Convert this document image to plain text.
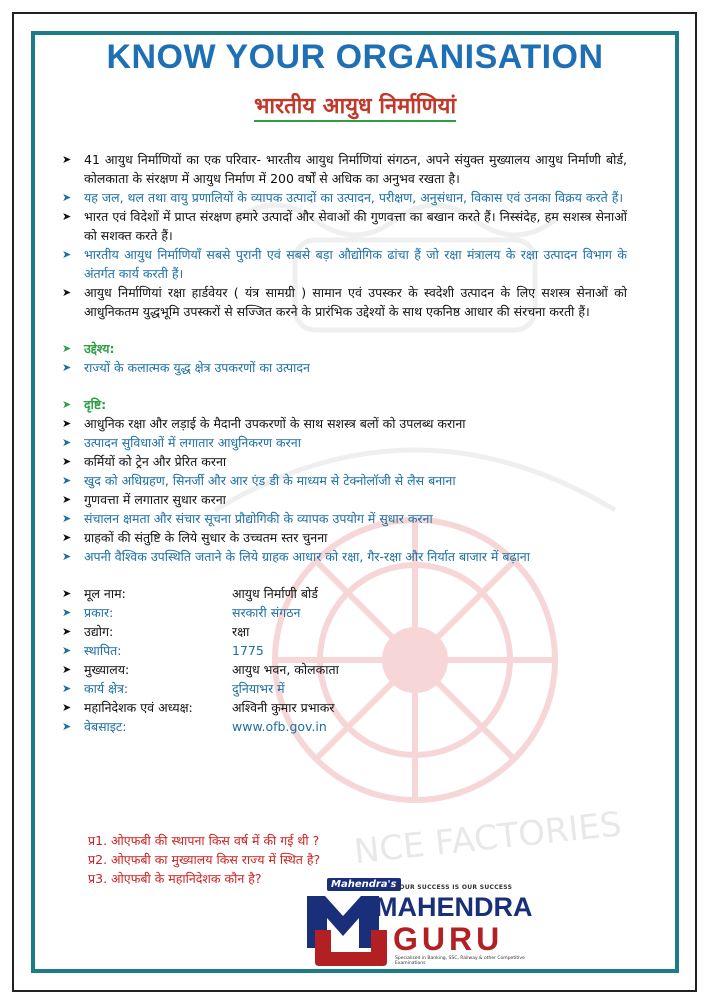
NCE FACTORIES
KNOW YOUR ORGANISATION
भारतीय आयुध निर्माणियां
➤	41 आयुध निर्माणियों का एक परिवार- भारतीय आयुध निर्माणियां संगठन, अपने संयुक्त मुख्यालय आयुध निर्माणी बोर्ड, कोलकाता के संरक्षण में आयुध निर्माण में 200 वर्षों से अधिक का अनुभव रखता है।
➤	यह जल, थल तथा वायु प्रणालियों के व्यापक उत्पादों का उत्पादन, परीक्षण, अनुसंधान, विकास एवं उनका विक्रय करते हैं।
➤	भारत एवं विदेशों में प्राप्त संरक्षण हमारे उत्पादों और सेवाओं की गुणवत्ता का बखान करते हैं। निस्संदेह, हम सशस्त्र सेनाओं को सशक्त करते हैं।
➤	भारतीय आयुध निर्माणियाँ सबसे पुरानी एवं सबसे बड़ा औद्योगिक ढांचा हैं जो रक्षा मंत्रालय के रक्षा उत्पादन विभाग के अंतर्गत कार्य करती हैं।
➤	आयुध निर्माणियां रक्षा हार्डवेयर ( यंत्र सामग्री ) सामान एवं उपस्कर के स्वदेशी उत्पादन के लिए सशस्त्र सेनाओं को आधुनिकतम युद्धभूमि उपस्करों से सज्जित करने के प्रारंभिक उद्देश्यों के साथ एकनिष्ठ आधार की संरचना करती हैं।
➤	उद्देश्य:
➤	राज्यों के कलात्मक युद्ध क्षेत्र उपकरणों का उत्पादन
➤	दृष्टि:
➤	आधुनिक रक्षा और लड़ाई के मैदानी उपकरणों के साथ सशस्त्र बलों को उपलब्ध कराना
➤	उत्पादन सुविधाओं में लगातार आधुनिकरण करना
➤	कर्मियों को ट्रेन और प्रेरित करना
➤	खुद को अधिग्रहण, सिनर्जी और आर एंड डी के माध्यम से टेक्नोलॉजी से लैस बनाना
➤	गुणवत्ता में लगातार सुधार करना
➤	संचालन क्षमता और संचार सूचना प्रौद्योगिकी के व्यापक उपयोग में सुधार करना
➤	ग्राहकों की संतुष्टि के लिये सुधार के उच्चतम स्तर चुनना
➤	अपनी वैश्विक उपस्थिति जताने के लिये ग्राहक आधार को रक्षा, गैर-रक्षा और निर्यात बाजार में बढ़ाना
➤	मूल नाम:	आयुध निर्माणी बोर्ड
➤	प्रकार:	सरकारी संगठन
➤	उद्योग:	रक्षा
➤	स्थापित:	1775
➤	मुख्यालय:	आयुध भवन, कोलकाता
➤	कार्य क्षेत्र:	दुनियाभर में
➤	महानिदेशक एवं अध्यक्ष:	अश्विनी कुमार प्रभाकर
➤	वेबसाइट:	www.ofb.gov.in
प्र1. ओएफबी की स्थापना किस वर्ष में की गई थी ?
प्र2. ओएफबी का मुख्यालय किस राज्य में स्थित है?
प्र3. ओएफबी के महानिदेशक कौन है?	Mahendra's
YOUR SUCCESS IS OUR SUCCESS
MAHENDRA
GURU
Specialised in Banking, SSC, Railway & other Competitive Examinations
